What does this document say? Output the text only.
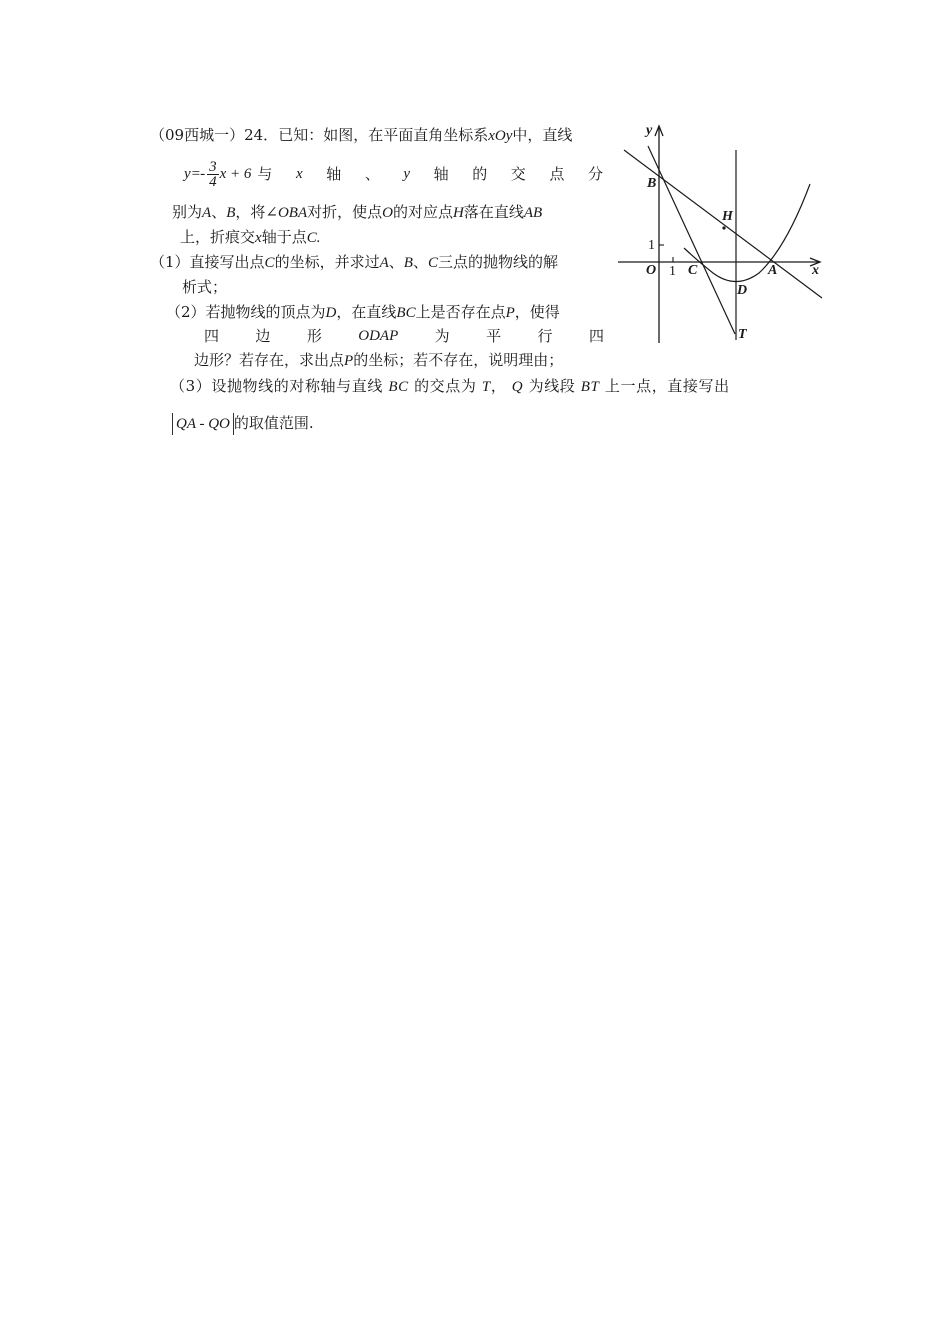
（09西城一）24．已知：如图，在平面直角坐标系xOy中，直线
$y =- \frac{3}{4}$ x + 6 与 x 轴 、 y 轴 的 交 点 分
别为A、B，将∠OBA对折，使点O的对应点H落在直线AB
上，折痕交x轴于点C.
（1）直接写出点C的坐标，并求过A、B、C三点的抛物线的解
析式；
（2）若抛物线的顶点为D，在直线BC上是否存在点P，使得
四 边 形 ODAP 为 平 行 四
边形？若存在，求出点P的坐标；若不存在，说明理由；
（3）设抛物线的对称轴与直线 BC 的交点为 T， Q 为线段 BT 上一点，直接写出
QA - QO 的取值范围.
y
x
B
H
1
O 1 C	A
D
T
